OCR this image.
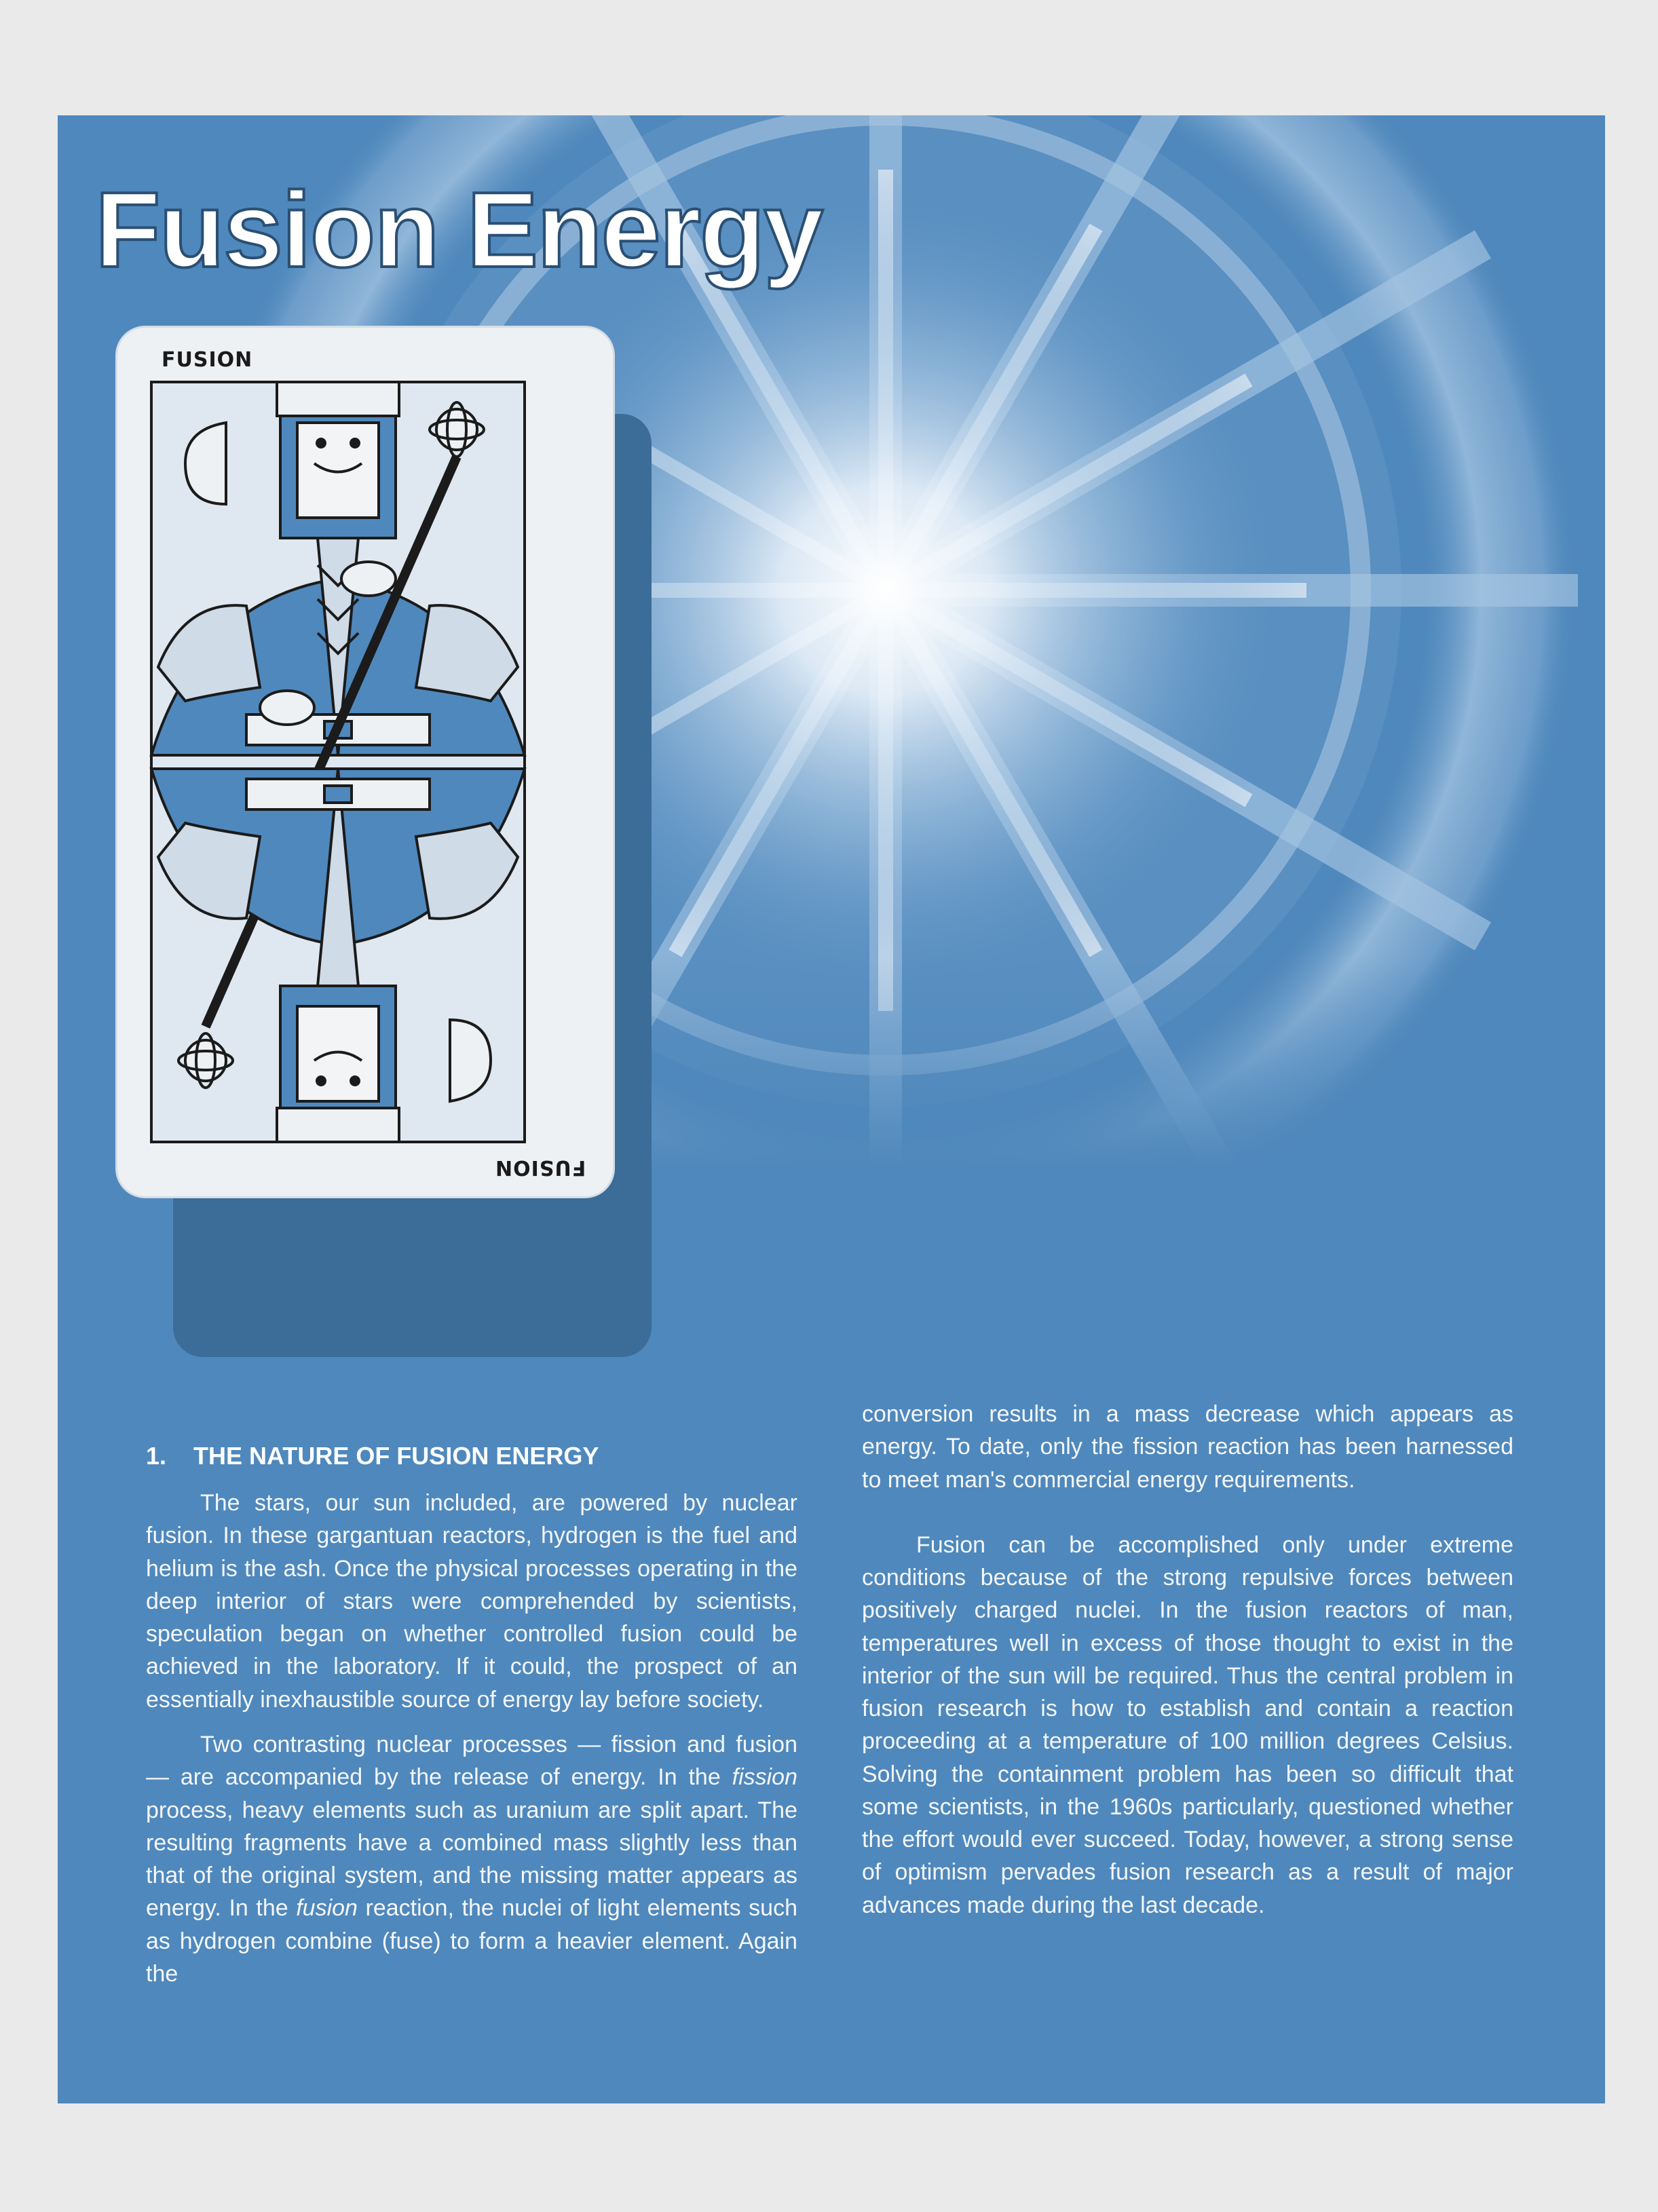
Fusion Energy
FUSION
FUSION
1. THE NATURE OF FUSION ENERGY

The stars, our sun included, are powered by nuclear fusion. In these gargantuan reactors, hydrogen is the fuel and helium is the ash. Once the physical processes operating in the deep interior of stars were comprehended by scientists, speculation began on whether controlled fusion could be achieved in the laboratory. If it could, the prospect of an essentially inexhaustible source of energy lay before society.

Two contrasting nuclear processes — fission and fusion — are accompanied by the release of energy. In the fission process, heavy elements such as uranium are split apart. The resulting fragments have a combined mass slightly less than that of the original system, and the missing matter appears as energy. In the fusion reaction, the nuclei of light elements such as hydrogen combine (fuse) to form a heavier element. Again the

conversion results in a mass decrease which appears as energy. To date, only the fission reaction has been harnessed to meet man's commercial energy requirements.

Fusion can be accomplished only under extreme conditions because of the strong repulsive forces between positively charged nuclei. In the fusion reactors of man, temperatures well in excess of those thought to exist in the interior of the sun will be required. Thus the central problem in fusion research is how to establish and contain a reaction proceeding at a temperature of 100 million degrees Celsius. Solving the containment problem has been so difficult that some scientists, in the 1960s particularly, questioned whether the effort would ever succeed. Today, however, a strong sense of optimism pervades fusion research as a result of major advances made during the last decade.
